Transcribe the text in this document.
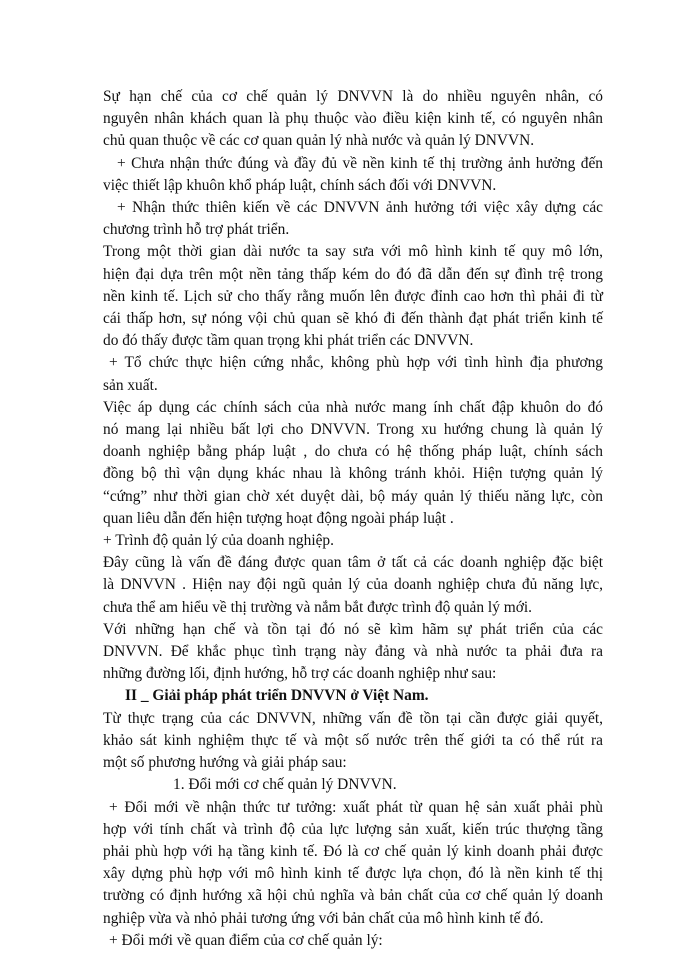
Sự hạn chế của cơ chế quản lý DNVVN là do nhiều nguyên nhân, có
nguyên nhân khách quan là phụ thuộc vào điều kiện kinh tế, có nguyên nhân
chủ quan thuộc về các cơ quan quản lý nhà nước và quản lý DNVVN.
+ Chưa nhận thức đúng và đầy đủ về nền kinh tế thị trường ảnh hưởng đến
việc thiết lập khuôn khổ pháp luật, chính sách đối với DNVVN.
+ Nhận thức thiên kiến về các DNVVN ảnh hưởng tới việc xây dựng các
chương trình hỗ trợ phát triển.
Trong một thời gian dài nước ta say sưa với mô hình kinh tế quy mô lớn,
hiện đại dựa trên một nền tảng thấp kém do đó đã dẫn đến sự đình trệ trong
nền kinh tế. Lịch sử cho thấy rằng muốn lên được đỉnh cao hơn thì phải đi từ
cái thấp hơn, sự nóng vội chủ quan sẽ khó đi đến thành đạt phát triển kinh tế
do đó thấy được tầm quan trọng khi phát triển các DNVVN.
+ Tổ chức thực hiện cứng nhắc, không phù hợp với tình hình địa phương
sản xuất.
Việc áp dụng các chính sách của nhà nước mang ính chất đập khuôn do đó
nó mang lại nhiều bất lợi cho DNVVN. Trong xu hướng chung là quản lý
doanh nghiệp bằng pháp luật , do chưa có hệ thống pháp luật, chính sách
đồng bộ thì vận dụng khác nhau là không tránh khỏi. Hiện tượng quản lý
“cứng” như thời gian chờ xét duyệt dài, bộ máy quản lý thiếu năng lực, còn
quan liêu dẫn đến hiện tượng hoạt động ngoài pháp luật .
+ Trình độ quản lý của doanh nghiệp.
Đây cũng là vấn đề đáng được quan tâm ở tất cả các doanh nghiệp đặc biệt
là DNVVN . Hiện nay đội ngũ quản lý của doanh nghiệp chưa đủ năng lực,
chưa thể am hiểu về thị trường và nắm bắt được trình độ quản lý mới.
Với những hạn chế và tồn tại đó nó sẽ kìm hãm sự phát triển của các
DNVVN. Để khắc phục tình trạng này đảng và nhà nước ta phải đưa ra
những đường lối, định hướng, hỗ trợ các doanh nghiệp như sau:
II _ Giải pháp phát triển DNVVN ở Việt Nam.
Từ thực trạng của các DNVVN, những vấn đề tồn tại cần được giải quyết,
khảo sát kinh nghiệm thực tế và một số nước trên thế giới ta có thể rút ra
một số phương hướng và giải pháp sau:
1. Đổi mới cơ chế quản lý DNVVN.
+ Đổi mới về nhận thức tư tưởng: xuất phát từ quan hệ sản xuất phải phù
hợp với tính chất và trình độ của lực lượng sản xuất, kiến trúc thượng tầng
phải phù hợp với hạ tầng kinh tế. Đó là cơ chế quản lý kinh doanh phải được
xây dựng phù hợp với mô hình kinh tế được lựa chọn, đó là nền kinh tế thị
trường có định hướng xã hội chủ nghĩa và bản chất của cơ chế quản lý doanh
nghiệp vừa và nhỏ phải tương ứng với bản chất của mô hình kinh tế đó.
+ Đổi mới về quan điểm của cơ chế quản lý:
